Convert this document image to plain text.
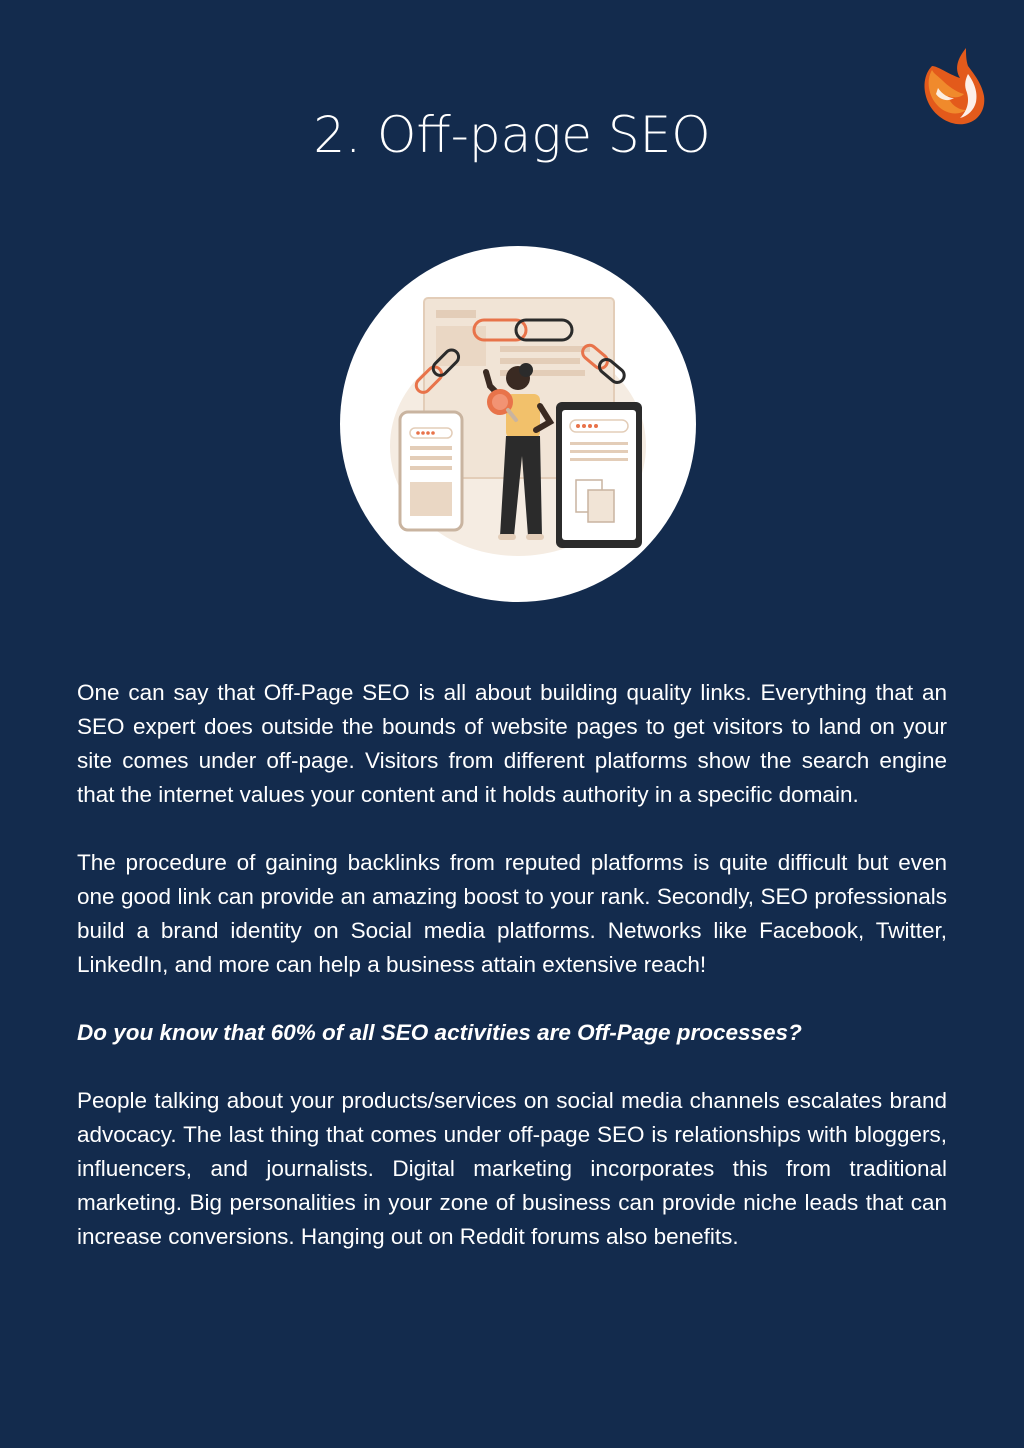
2. Off-page SEO

One can say that Off-Page SEO is all about building quality links. Everything that an SEO expert does outside the bounds of website pages to get visitors to land on your site comes under off-page. Visitors from different platforms show the search engine that the internet values your content and it holds authority in a specific domain.

The procedure of gaining backlinks from reputed platforms is quite difficult but even one good link can provide an amazing boost to your rank. Secondly, SEO professionals build a brand identity on Social media platforms. Networks like Facebook, Twitter, LinkedIn, and more can help a business attain extensive reach!

Do you know that 60% of all SEO activities are Off-Page processes?

People talking about your products/services on social media channels escalates brand advocacy. The last thing that comes under off-page SEO is relationships with bloggers, influencers, and journalists. Digital marketing incorporates this from traditional marketing. Big personalities in your zone of business can provide niche leads that can increase conversions. Hanging out on Reddit forums also benefits.
